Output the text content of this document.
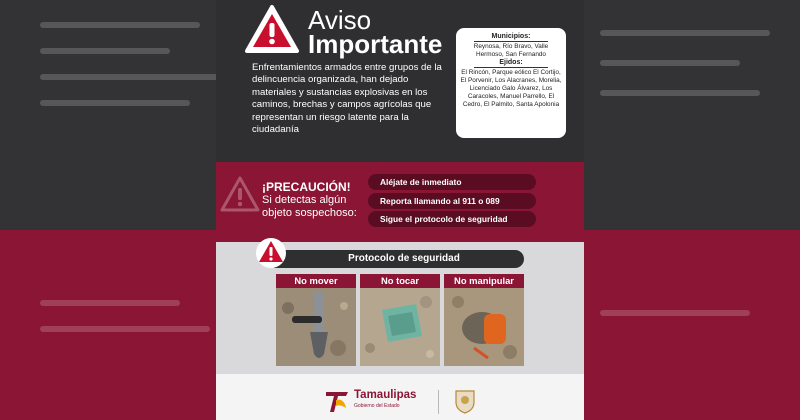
Aviso
Importante
Enfrentamientos armados entre grupos de la delincuencia organizada, han dejado materiales y sustancias explosivas en los caminos, brechas y campos agrícolas que representan un riesgo latente para la ciudadanía
Municipios:
Reynosa, Río Bravo, Valle Hermoso, San Fernando
Ejidos:
El Rincón, Parque eólico El Cortijo, El Porvenir, Los Alacranes, Morelia, Licenciado Galo Álvarez, Los Caracoles, Manuel Parrello, El Cedro, El Palmito, Santa Apolonia
¡PRECAUCIÓN!
Si detectas algún objeto sospechoso:
Aléjate de inmediato
Reporta llamando al 911 o 089
Sigue el protocolo de seguridad
Protocolo de seguridad
No mover	No tocar	No manipular
Tamaulipas
Gobierno del Estado
